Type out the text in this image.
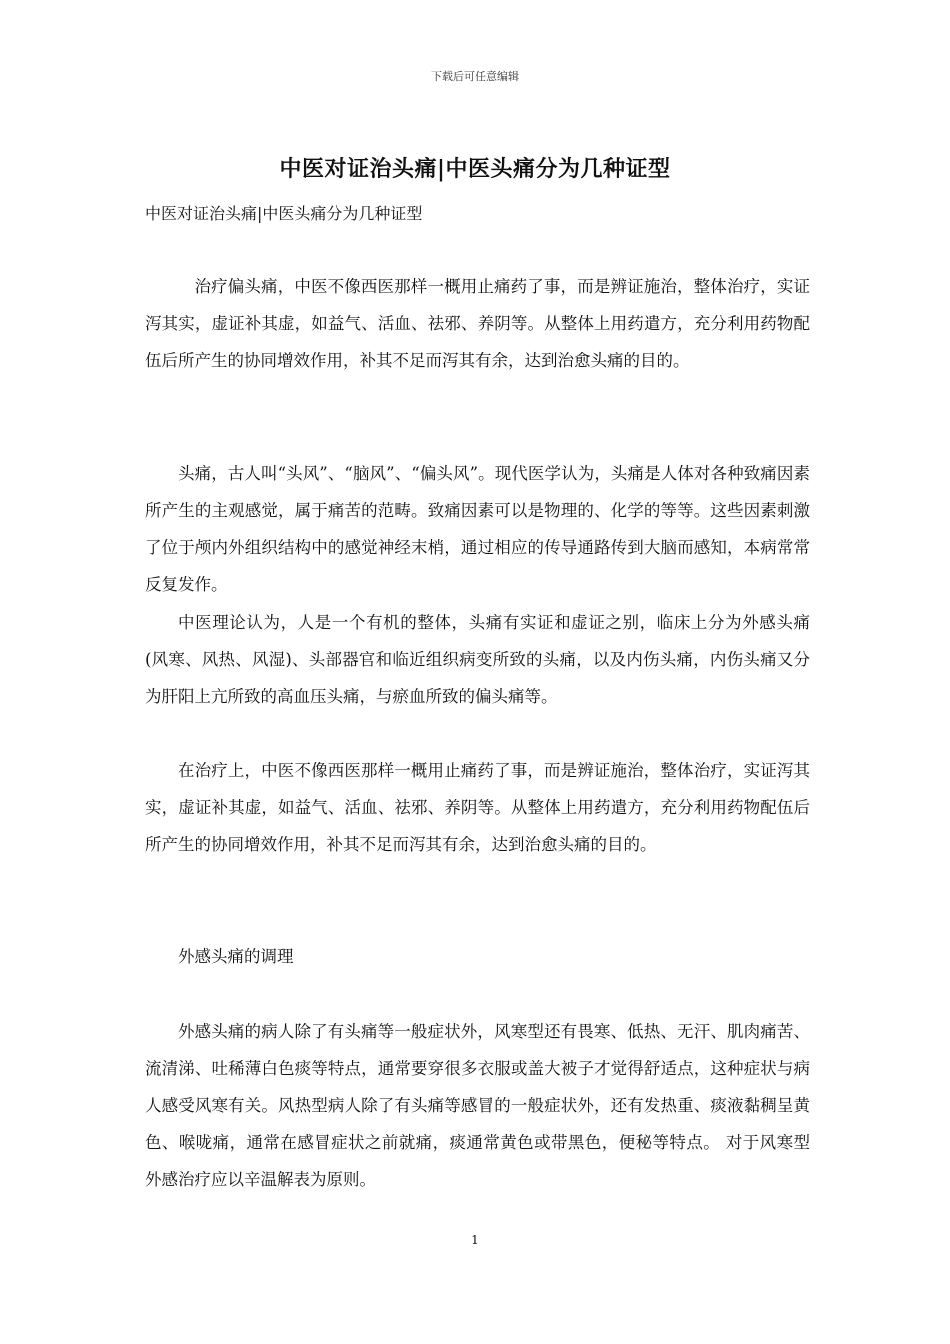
下载后可任意编辑
中医对证治头痛|中医头痛分为几种证型
中医对证治头痛|中医头痛分为几种证型

治疗偏头痛，中医不像西医那样一概用止痛药了事，而是辨证施治，整体治疗，实证泻其实，虚证补其虚，如益气、活血、祛邪、养阴等。从整体上用药遣方，充分利用药物配伍后所产生的协同增效作用，补其不足而泻其有余，达到治愈头痛的目的。

头痛，古人叫“头风”、“脑风”、“偏头风”。现代医学认为，头痛是人体对各种致痛因素所产生的主观感觉，属于痛苦的范畴。致痛因素可以是物理的、化学的等等。这些因素刺激了位于颅内外组织结构中的感觉神经末梢，通过相应的传导通路传到大脑而感知，本病常常反复发作。

中医理论认为，人是一个有机的整体，头痛有实证和虚证之别，临床上分为外感头痛(风寒、风热、风湿)、头部器官和临近组织病变所致的头痛，以及内伤头痛，内伤头痛又分为肝阳上亢所致的高血压头痛，与瘀血所致的偏头痛等。

在治疗上，中医不像西医那样一概用止痛药了事，而是辨证施治，整体治疗，实证泻其实，虚证补其虚，如益气、活血、祛邪、养阴等。从整体上用药遣方，充分利用药物配伍后所产生的协同增效作用，补其不足而泻其有余，达到治愈头痛的目的。

外感头痛的调理

外感头痛的病人除了有头痛等一般症状外，风寒型还有畏寒、低热、无汗、肌肉痛苦、流清涕、吐稀薄白色痰等特点，通常要穿很多衣服或盖大被子才觉得舒适点，这种症状与病人感受风寒有关。风热型病人除了有头痛等感冒的一般症状外，还有发热重、痰液黏稠呈黄色、喉咙痛，通常在感冒症状之前就痛，痰通常黄色或带黑色，便秘等特点。 对于风寒型外感治疗应以辛温解表为原则。

1
